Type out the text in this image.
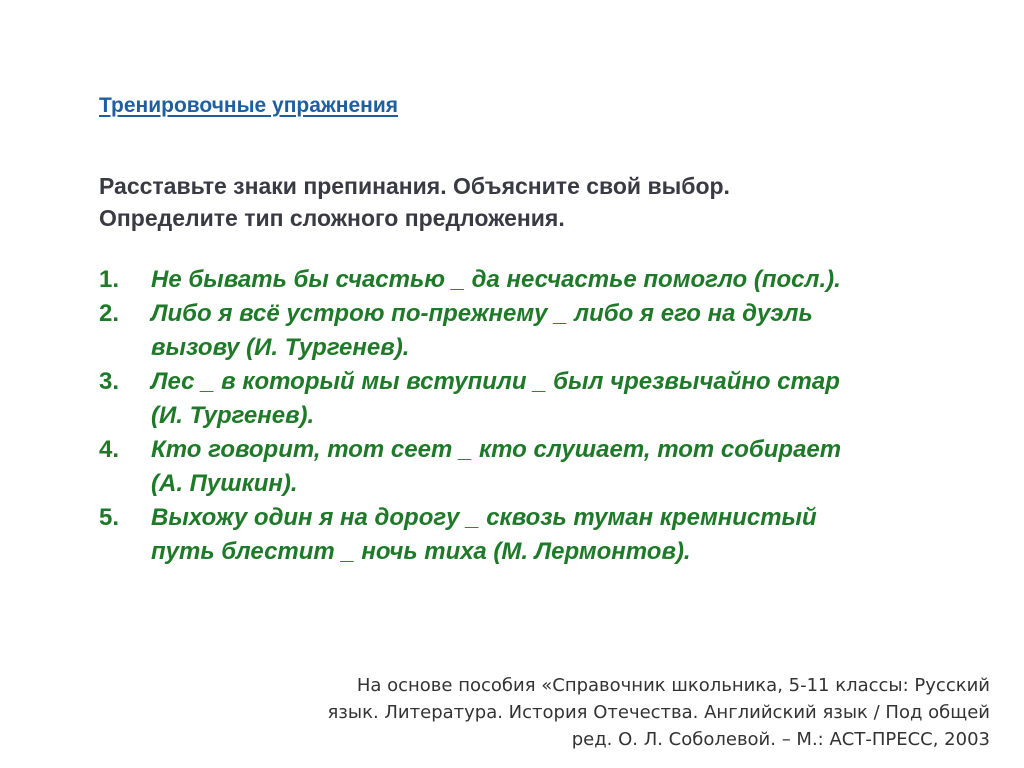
Тренировочные упражнения
Расставьте знаки препинания. Объясните свой выбор.
Определите тип сложного предложения.
1.	Не бывать бы счастью _ да несчастье помогло (посл.).
2.	Либо я всё устрою по-прежнему _ либо я его на дуэль
вызову (И. Тургенев).
3.	Лес _ в который мы вступили _ был чрезвычайно стар
(И. Тургенев).
4.	Кто говорит, тот сеет _ кто слушает, тот собирает
(А. Пушкин).
5.	Выхожу один я на дорогу _ сквозь туман кремнистый
путь блестит _ ночь тиха (М. Лермонтов).
На основе пособия «Справочник школьника, 5-11 классы: Русский
язык. Литература. История Отечества. Английский язык / Под общей
ред. О. Л. Соболевой. – М.: АСТ-ПРЕСС, 2003
